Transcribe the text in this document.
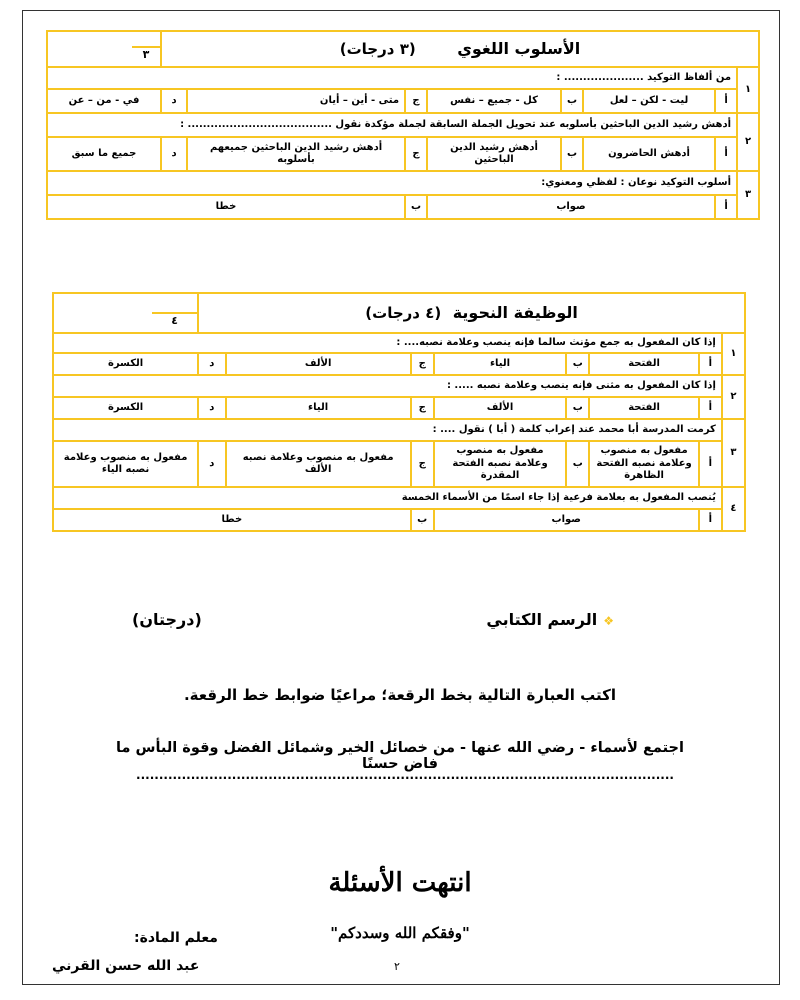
الأسلوب اللغوي (٣ درجات)								٣

١	من ألفاظ التوكيد ..................... :							
	أ	ليت - لكن – لعل	ب	كل - جميع – نفس	ج	متى - أين – أيان	د	في - من – عن
٢	أدهش رشيد الدين الباحثين بأسلوبه عند تحويل الجملة السابقة لجملة مؤكدة نقول ...................................... :							
	أ	أدهش الحاضرون	ب	أدهش رشيد الدين الباحثين	ج	أدهش رشيد الدين الباحثين جميعهم بأسلوبه	د	جميع ما سبق
٣	أسلوب التوكيد نوعان : لفظي ومعنوي:							
	أ	صواب			ب	خطا		
الوظيفة النحوية (٤ درجات)								٤

١	إذا كان المفعول به جمع مؤنث سالما فإنه ينصب وعلامة نصبه.... :							
	أ	الفتحة	ب	الياء	ج	الألف	د	الكسرة
٢	إذا كان المفعول به مثنى فإنه ينصب وعلامة نصبه ..... :							
	أ	الفتحة	ب	الألف	ج	الياء	د	الكسرة
٣	كرمت المدرسة أبا محمد عند إعراب كلمة ( أبا ) نقول .... :							
	أ	مفعول به منصوب وعلامة نصبه الفتحة الظاهرة	ب	مفعول به منصوب وعلامة نصبه الفتحة المقدرة	ج	مفعول به منصوب وعلامة نصبه الألف	د	مفعول به منصوب وعلامة نصبه الياء
٤	يُنصب المفعول به بعلامة فرعية إذا جاء اسمًا من الأسماء الخمسة							
	أ	صواب			ب	خطا		
❖الرسم الكتابي
(درجتان)
اكتب العبارة التالية بخط الرقعة؛ مراعيًا ضوابط خط الرقعة.
اجتمع لأسماء - رضي الله عنها - من خصائل الخير وشمائل الفضل وقوة البأس ما فاض حسنًا
......................................................................................................................
انتهت الأسئلة
"وفقكم الله وسددكم"
معلم المادة:
عبد الله حسن القرني	٢
